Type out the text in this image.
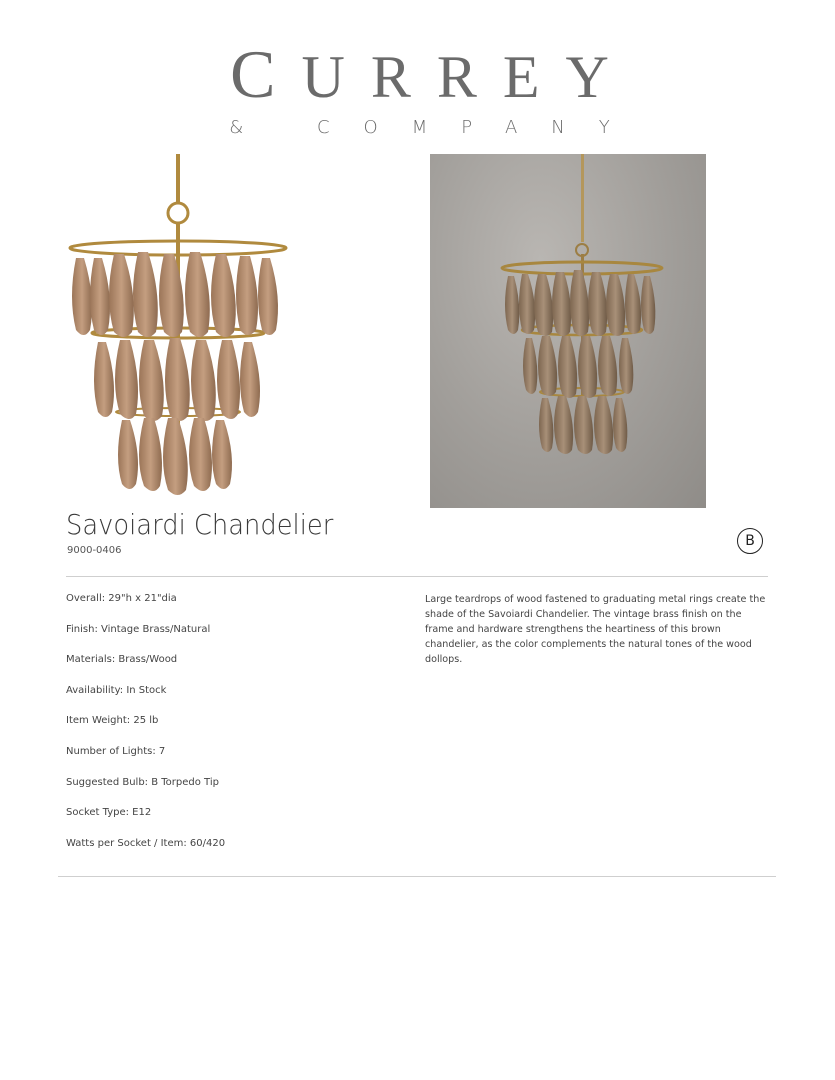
CURREY
& COMPANY
Savoiardi Chandelier
9000-0406
B
Overall: 29"h x 21"dia
Finish: Vintage Brass/Natural
Materials: Brass/Wood
Availability: In Stock
Item Weight: 25 lb
Number of Lights: 7
Suggested Bulb: B Torpedo Tip
Socket Type: E12
Watts per Socket / Item: 60/420

Large teardrops of wood fastened to graduating metal rings create the shade of the Savoiardi Chandelier. The vintage brass finish on the frame and hardware strengthens the heartiness of this brown chandelier, as the color complements the natural tones of the wood dollops.
